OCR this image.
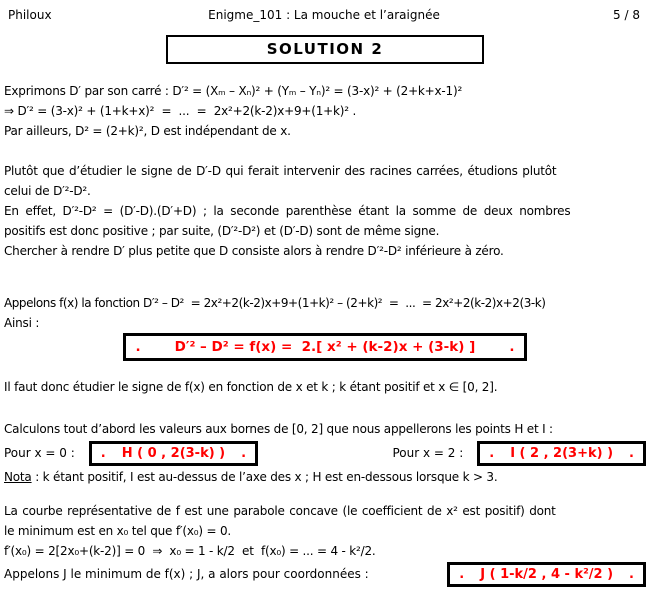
Philoux	Enigme_101 : La mouche et l’araignée	5 / 8
SOLUTION 2
Exprimons D′ par son carré : D′² = (Xₘ – Xₙ)² + (Yₘ – Yₙ)² = (3-x)² + (2+k+x-1)²
⇒ D′² = (3-x)² + (1+k+x)²  =  ...  =  2x²+2(k-2)x+9+(1+k)² .
Par ailleurs, D² = (2+k)², D est indépendant de x.
Plutôt que d’étudier le signe de D′-D qui ferait intervenir des racines carrées, étudions plutôt
celui de D′²-D².
En effet, D′²-D² = (D′-D).(D′+D) ; la seconde parenthèse étant la somme de deux nombres
positifs est donc positive ; par suite, (D′²-D²) et (D′-D) sont de même signe.
Chercher à rendre D′ plus petite que D consiste alors à rendre D′²-D² inférieure à zéro.
Appelons f(x) la fonction D′² – D²  = 2x²+2(k-2)x+9+(1+k)² – (2+k)²  =  ...  = 2x²+2(k-2)x+2(3-k)
Ainsi :
.	D′² – D² = f(x) =  2.[ x² + (k-2)x + (3-k) ]	.
Il faut donc étudier le signe de f(x) en fonction de x et k ; k étant positif et x ∈ [0, 2].
Calculons tout d’abord les valeurs aux bornes de [0, 2] que nous appellerons les points H et I :
Pour x = 0 : . H ( 0 , 2(3-k) ) .	Pour x = 2 : . I ( 2 , 2(3+k) ) .
Nota : k étant positif, I est au-dessus de l’axe des x ; H est en-dessous lorsque k > 3.
La courbe représentative de f est une parabole concave (le coefficient de x² est positif) dont
le minimum est en x₀ tel que f′(x₀) = 0.
f′(x₀) = 2[2x₀+(k-2)] = 0  ⇒  x₀ = 1 - k/2  et  f(x₀) = ... = 4 - k²/2.
Appelons J le minimum de f(x) ; J, a alors pour coordonnées :	. J ( 1-k/2 , 4 - k²/2 ) .
